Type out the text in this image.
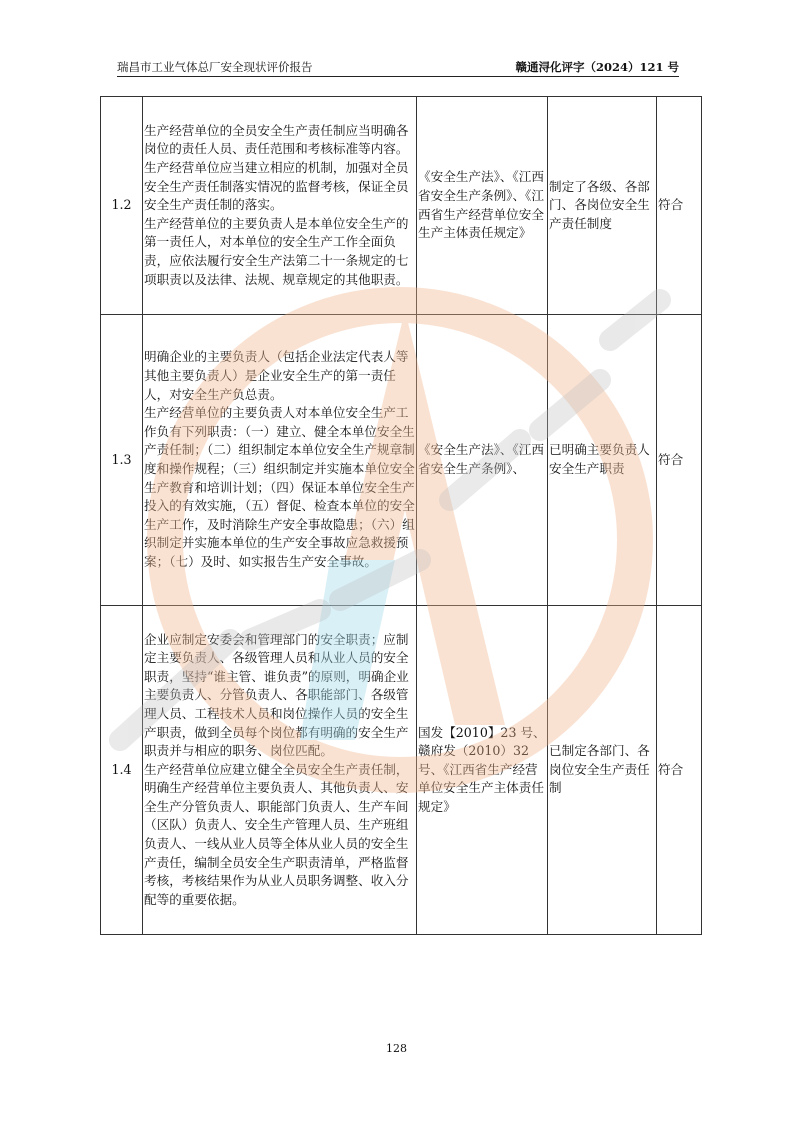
瑞昌市工业气体总厂安全现状评价报告	赣通浔化评字（2024）121 号
1.2	生产经营单位的全员安全生产责任制应当明确各岗位的责任人员、责任范围和考核标准等内容。

生产经营单位应当建立相应的机制，加强对全员安全生产责任制落实情况的监督考核，保证全员安全生产责任制的落实。

生产经营单位的主要负责人是本单位安全生产的第一责任人，对本单位的安全生产工作全面负责，应依法履行安全生产法第二十一条规定的七项职责以及法律、法规、规章规定的其他职责。	《安全生产法》、《江西省安全生产条例》、《江西省生产经营单位安全生产主体责任规定》	制定了各级、各部门、各岗位安全生产责任制度	符合
1.3	明确企业的主要负责人（包括企业法定代表人等其他主要负责人）是企业安全生产的第一责任人，对安全生产负总责。

生产经营单位的主要负责人对本单位安全生产工作负有下列职责：（一）建立、健全本单位安全生产责任制；（二）组织制定本单位安全生产规章制度和操作规程；（三）组织制定并实施本单位安全生产教育和培训计划；（四）保证本单位安全生产投入的有效实施，（五）督促、检查本单位的安全生产工作，及时消除生产安全事故隐患；（六）组织制定并实施本单位的生产安全事故应急救援预案；（七）及时、如实报告生产安全事故。	《安全生产法》、《江西省安全生产条例》、	已明确主要负责人安全生产职责	符合
1.4	企业应制定安委会和管理部门的安全职责；应制定主要负责人、各级管理人员和从业人员的安全职责，坚持“谁主管、谁负责”的原则，明确企业主要负责人、分管负责人、各职能部门、各级管理人员、工程技术人员和岗位操作人员的安全生产职责，做到全员每个岗位都有明确的安全生产职责并与相应的职务、岗位匹配。

生产经营单位应建立健全全员安全生产责任制，明确生产经营单位主要负责人、其他负责人、安全生产分管负责人、职能部门负责人、生产车间（区队）负责人、安全生产管理人员、生产班组负责人、一线从业人员等全体从业人员的安全生产责任，编制全员安全生产职责清单，严格监督考核，考核结果作为从业人员职务调整、收入分配等的重要依据。	国发【2010】23 号、赣府发（2010）32 号、《江西省生产经营单位安全生产主体责任规定》	已制定各部门、各岗位安全生产责任制	符合
128
